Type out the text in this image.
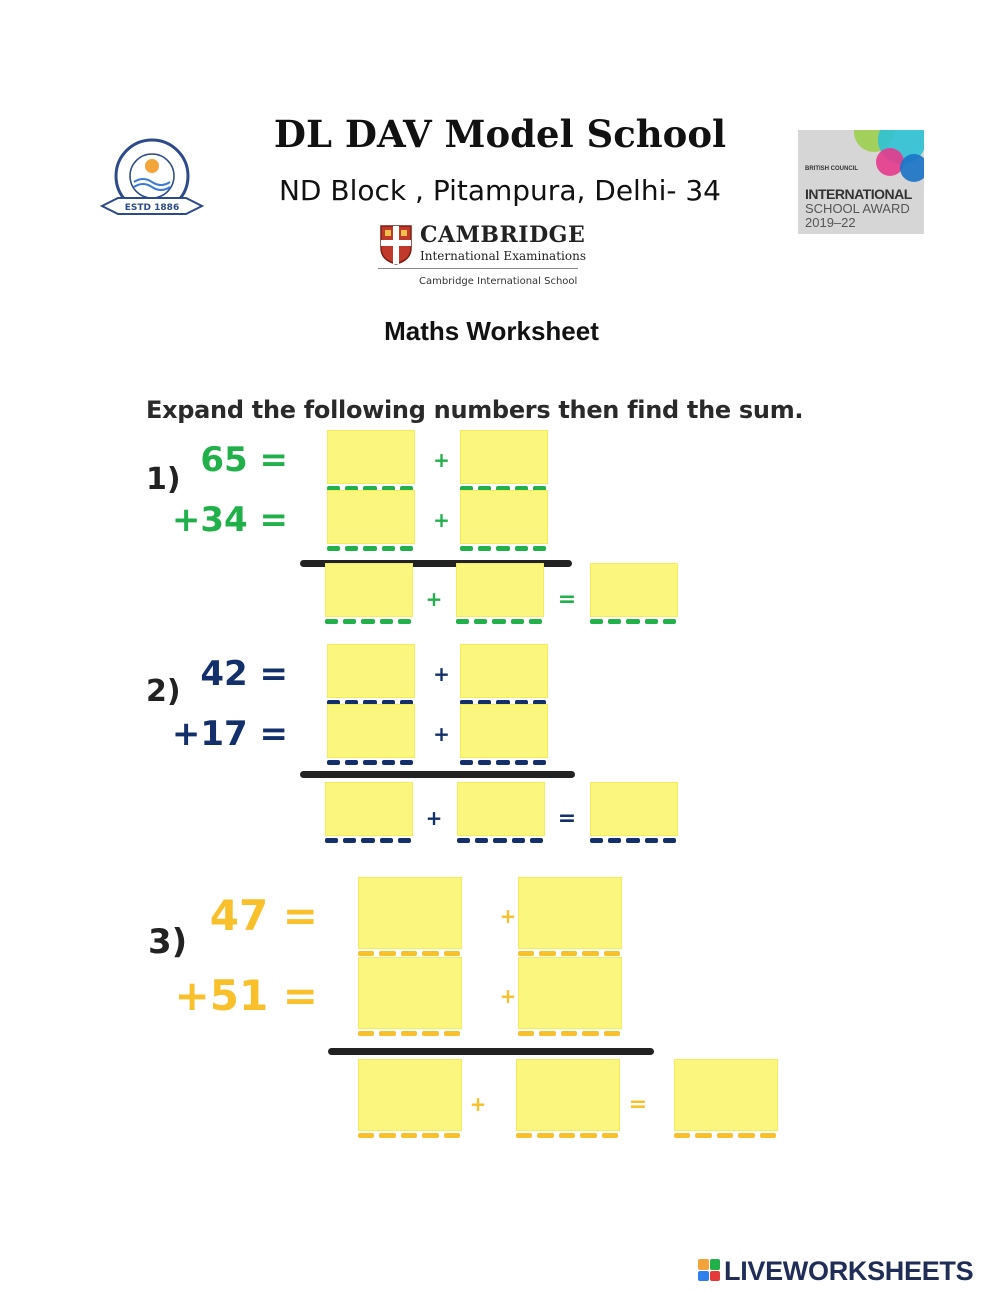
DL DAV Model School
ND Block , Pitampura, Delhi- 34
ESTD 1886
CAMBRIDGE
International Examinations
Cambridge International School
BRITISH COUNCIL
INTERNATIONAL
SCHOOL AWARD
2019–22
Maths Worksheet
Expand the following numbers then find the sum.
1) 65 =	+
+34 =	+
+	=
2) 42 =	+
+17 =	+
+	=
3)
47 =	+
+51 =	+
+	=
LIVEWORKSHEETS
